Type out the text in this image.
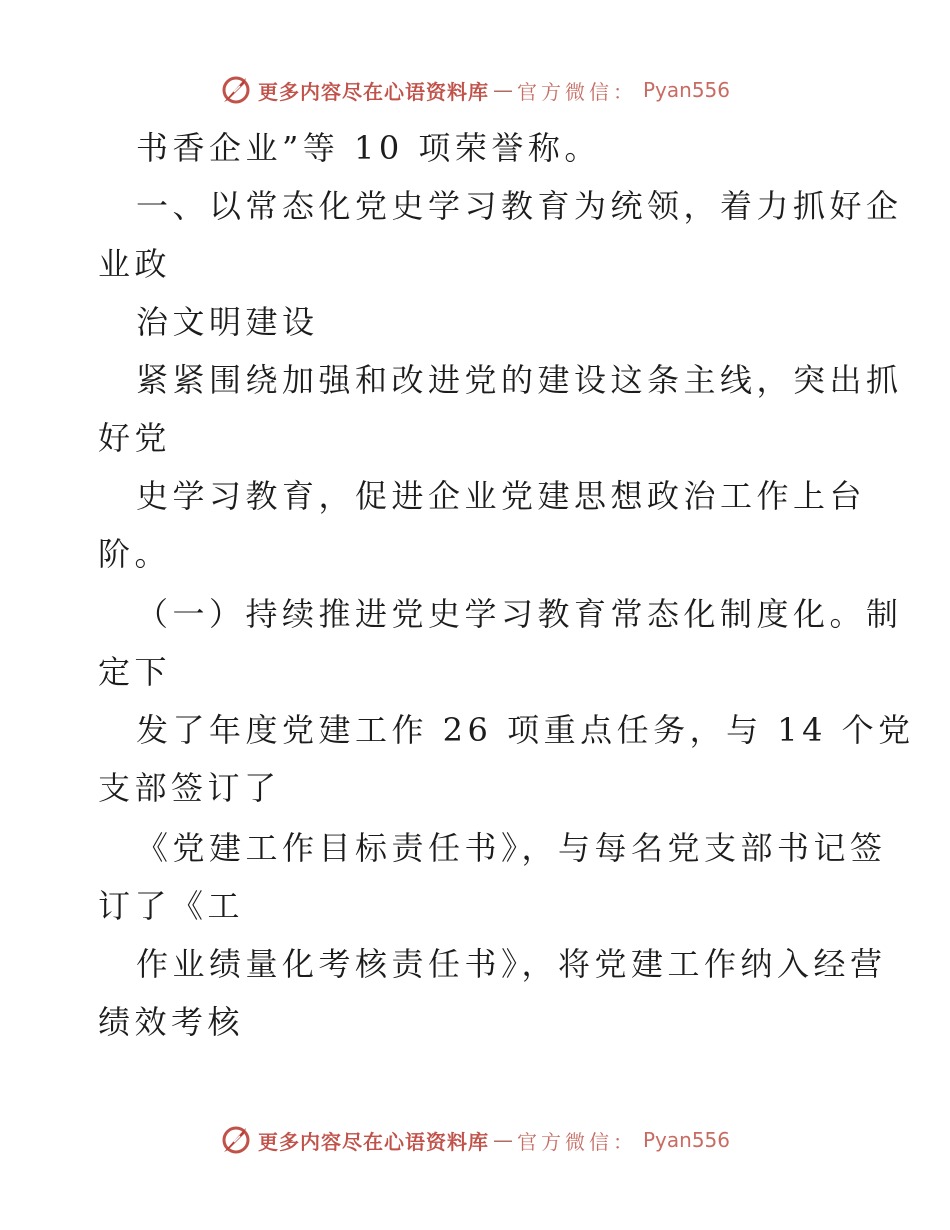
更多内容尽在心语资料库 — 官方微信： Pyan556
书香企业”等 10 项荣誉称。
一、以常态化党史学习教育为统领，着力抓好企
业政
治文明建设
紧紧围绕加强和改进党的建设这条主线，突出抓
好党
史学习教育，促进企业党建思想政治工作上台
阶。
（一）持续推进党史学习教育常态化制度化。制
定下
发了年度党建工作 26 项重点任务，与 14 个党
支部签订了
《党建工作目标责任书》，与每名党支部书记签
订了《工
作业绩量化考核责任书》，将党建工作纳入经营
绩效考核
更多内容尽在心语资料库 — 官方微信： Pyan556
